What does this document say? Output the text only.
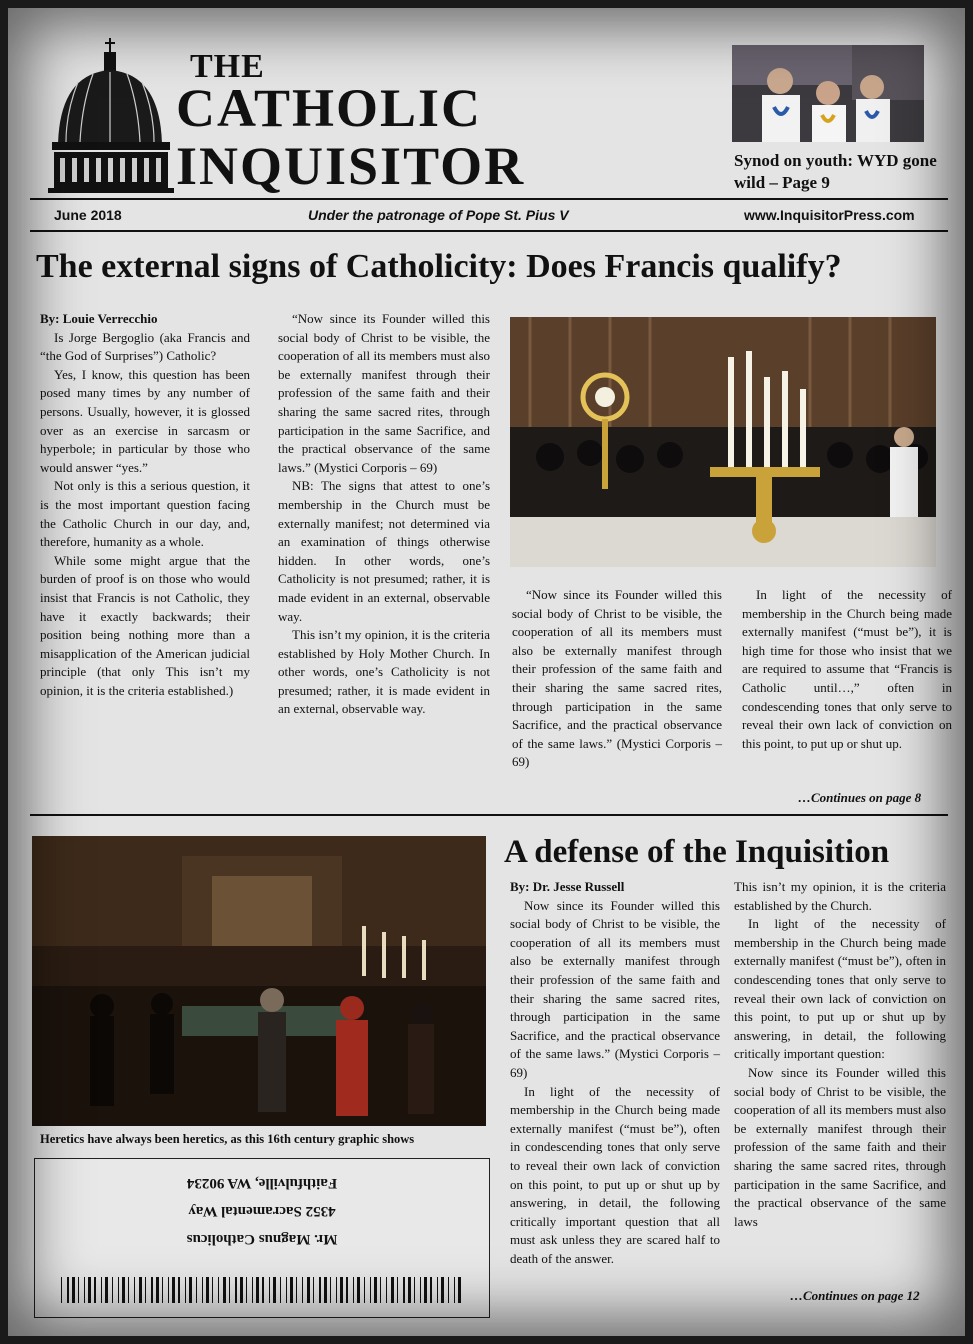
THE
CATHOLIC
INQUISITOR	Synod on youth: WYD gone wild – Page 9
June 2018	Under the patronage of Pope St. Pius V	www.InquisitorPress.com
The external signs of Catholicity: Does Francis qualify?

By: Louie Verrecchio

Is Jorge Bergoglio (aka Francis and “the God of Surprises”) Catholic?

Yes, I know, this question has been posed many times by any number of persons. Usually, however, it is glossed over as an exercise in sarcasm or hyperbole; in particular by those who would answer “yes.”

Not only is this a serious question, it is the most important question facing the Catholic Church in our day, and, therefore, humanity as a whole.

While some might argue that the burden of proof is on those who would insist that Francis is not Catholic, they have it exactly backwards; their position being nothing more than a misapplication of the American judicial principle (that only This isn’t my opinion, it is the criteria established.)

“Now since its Founder willed this social body of Christ to be visible, the cooperation of all its members must also be externally manifest through their profession of the same faith and their sharing the same sacred rites, through participation in the same Sacrifice, and the practical observance of the same laws.” (Mystici Corporis – 69)

NB: The signs that attest to one’s membership in the Church must be externally manifest; not determined via an examination of things otherwise hidden. In other words, one’s Catholicity is not presumed; rather, it is made evident in an external, observable way.

This isn’t my opinion, it is the criteria established by Holy Mother Church. In other words, one’s Catholicity is not presumed; rather, it is made evident in an external, observable way.

“Now since its Founder willed this social body of Christ to be visible, the cooperation of all its members must also be externally manifest through their profession of the same faith and their sharing the same sacred rites, through participation in the same Sacrifice, and the practical observance of the same laws.” (Mystici Corporis – 69)

In light of the necessity of membership in the Church being made externally manifest (“must be”), it is high time for those who insist that we are required to assume that “Francis is Catholic until…,” often in condescending tones that only serve to reveal their own lack of conviction on this point, to put up or shut up.

…Continues on page 8
Heretics have always been heretics, as this 16th century graphic shows
A defense of the Inquisition

By: Dr. Jesse Russell

Now since its Founder willed this social body of Christ to be visible, the cooperation of all its members must also be externally manifest through their profession of the same faith and their sharing the same sacred rites, through participation in the same Sacrifice, and the practical observance of the same laws.” (Mystici Corporis – 69)

In light of the necessity of membership in the Church being made externally manifest (“must be”), often in condescending tones that only serve to reveal their own lack of conviction on this point, to put up or shut up by answering, in detail, the following critically important question that all must ask unless they are scared half to death of the answer.

This isn’t my opinion, it is the criteria established by the Church.

In light of the necessity of membership in the Church being made externally manifest (“must be”), often in condescending tones that only serve to reveal their own lack of conviction on this point, to put up or shut up by answering, in detail, the following critically important question:

Now since its Founder willed this social body of Christ to be visible, the cooperation of all its members must also be externally manifest through their profession of the same faith and their sharing the same sacred rites, through participation in the same Sacrifice, and the practical observance of the same laws

…Continues on page 12
Mr. Magnus Catholicus
4352 Sacramental Way
Faithfulville, WA 90234
